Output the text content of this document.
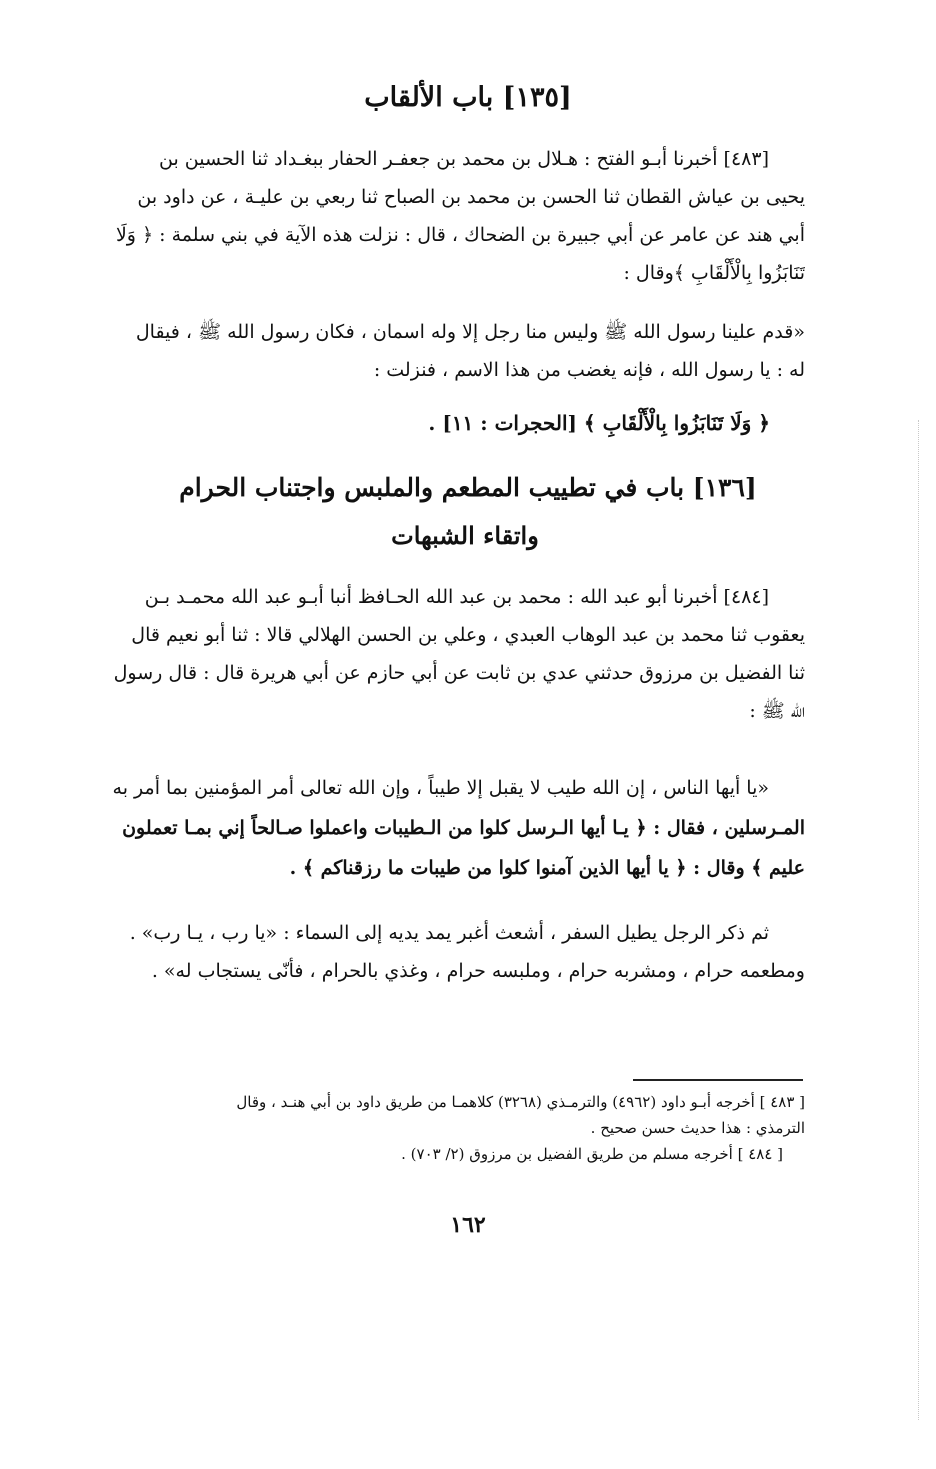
[١٣٥] باب الألقاب
[٤٨٣] أخبرنا أبـو الفتح : هـلال بن محمد بن جعفـر الحفار ببغـداد ثنا الحسين بن
يحيى بن عياش القطان ثنا الحسن بن محمد بن الصباح ثنا ربعي بن عليـة ، عن داود بن
أبي هند عن عامر عن أبي جبيرة بن الضحاك ، قال : نزلت هذه الآية في بني سلمة : ﴿ وَلَا
تَنَابَزُوا بِالْأَلْقَابِ ﴾وقال :
«قدم علينا رسول الله ﷺ وليس منا رجل إلا وله اسمان ، فكان رسول الله ﷺ ، فيقال
له : يا رسول الله ، فإنه يغضب من هذا الاسم ، فنزلت :
﴿ وَلَا تَنَابَزُوا بِالْأَلْقَابِ ﴾ [الحجرات : ١١] .
[١٣٦] باب في تطييب المطعم والملبس واجتناب الحرام
واتقاء الشبهات
[٤٨٤] أخبرنا أبو عبد الله : محمد بن عبد الله الحـافظ أنبا أبـو عبد الله محمـد بـن
يعقوب ثنا محمد بن عبد الوهاب العبدي ، وعلي بن الحسن الهلالي قالا : ثنا أبو نعيم قال
ثنا الفضيل بن مرزوق حدثني عدي بن ثابت عن أبي حازم عن أبي هريرة قال : قال رسول
الله ﷺ :
«يا أيها الناس ، إن الله طيب لا يقبل إلا طيباً ، وإن الله تعالى أمر المؤمنين بما أمر به
المـرسلين ، فقال : ﴿ يـا أيها الـرسل كلوا من الـطيبات واعملوا صـالحاً إني بمـا تعملون
عليم ﴾ وقال : ﴿ يا أيها الذين آمنوا كلوا من طيبات ما رزقناكم ﴾ .
ثم ذكر الرجل يطيل السفر ، أشعث أغبر يمد يديه إلى السماء : «يا رب ، يـا رب» .
ومطعمه حرام ، ومشربه حرام ، وملبسه حرام ، وغذي بالحرام ، فأنّى يستجاب له» .
[ ٤٨٣ ] أخرجه أبـو داود (٤٩٦٢) والترمـذي (٣٢٦٨) كلاهمـا من طريق داود بن أبي هنـد ، وقال
الترمذي : هذا حديث حسن صحيح .
[ ٤٨٤ ] أخرجه مسلم من طريق الفضيل بن مرزوق (٢/ ٧٠٣) .
١٦٢
